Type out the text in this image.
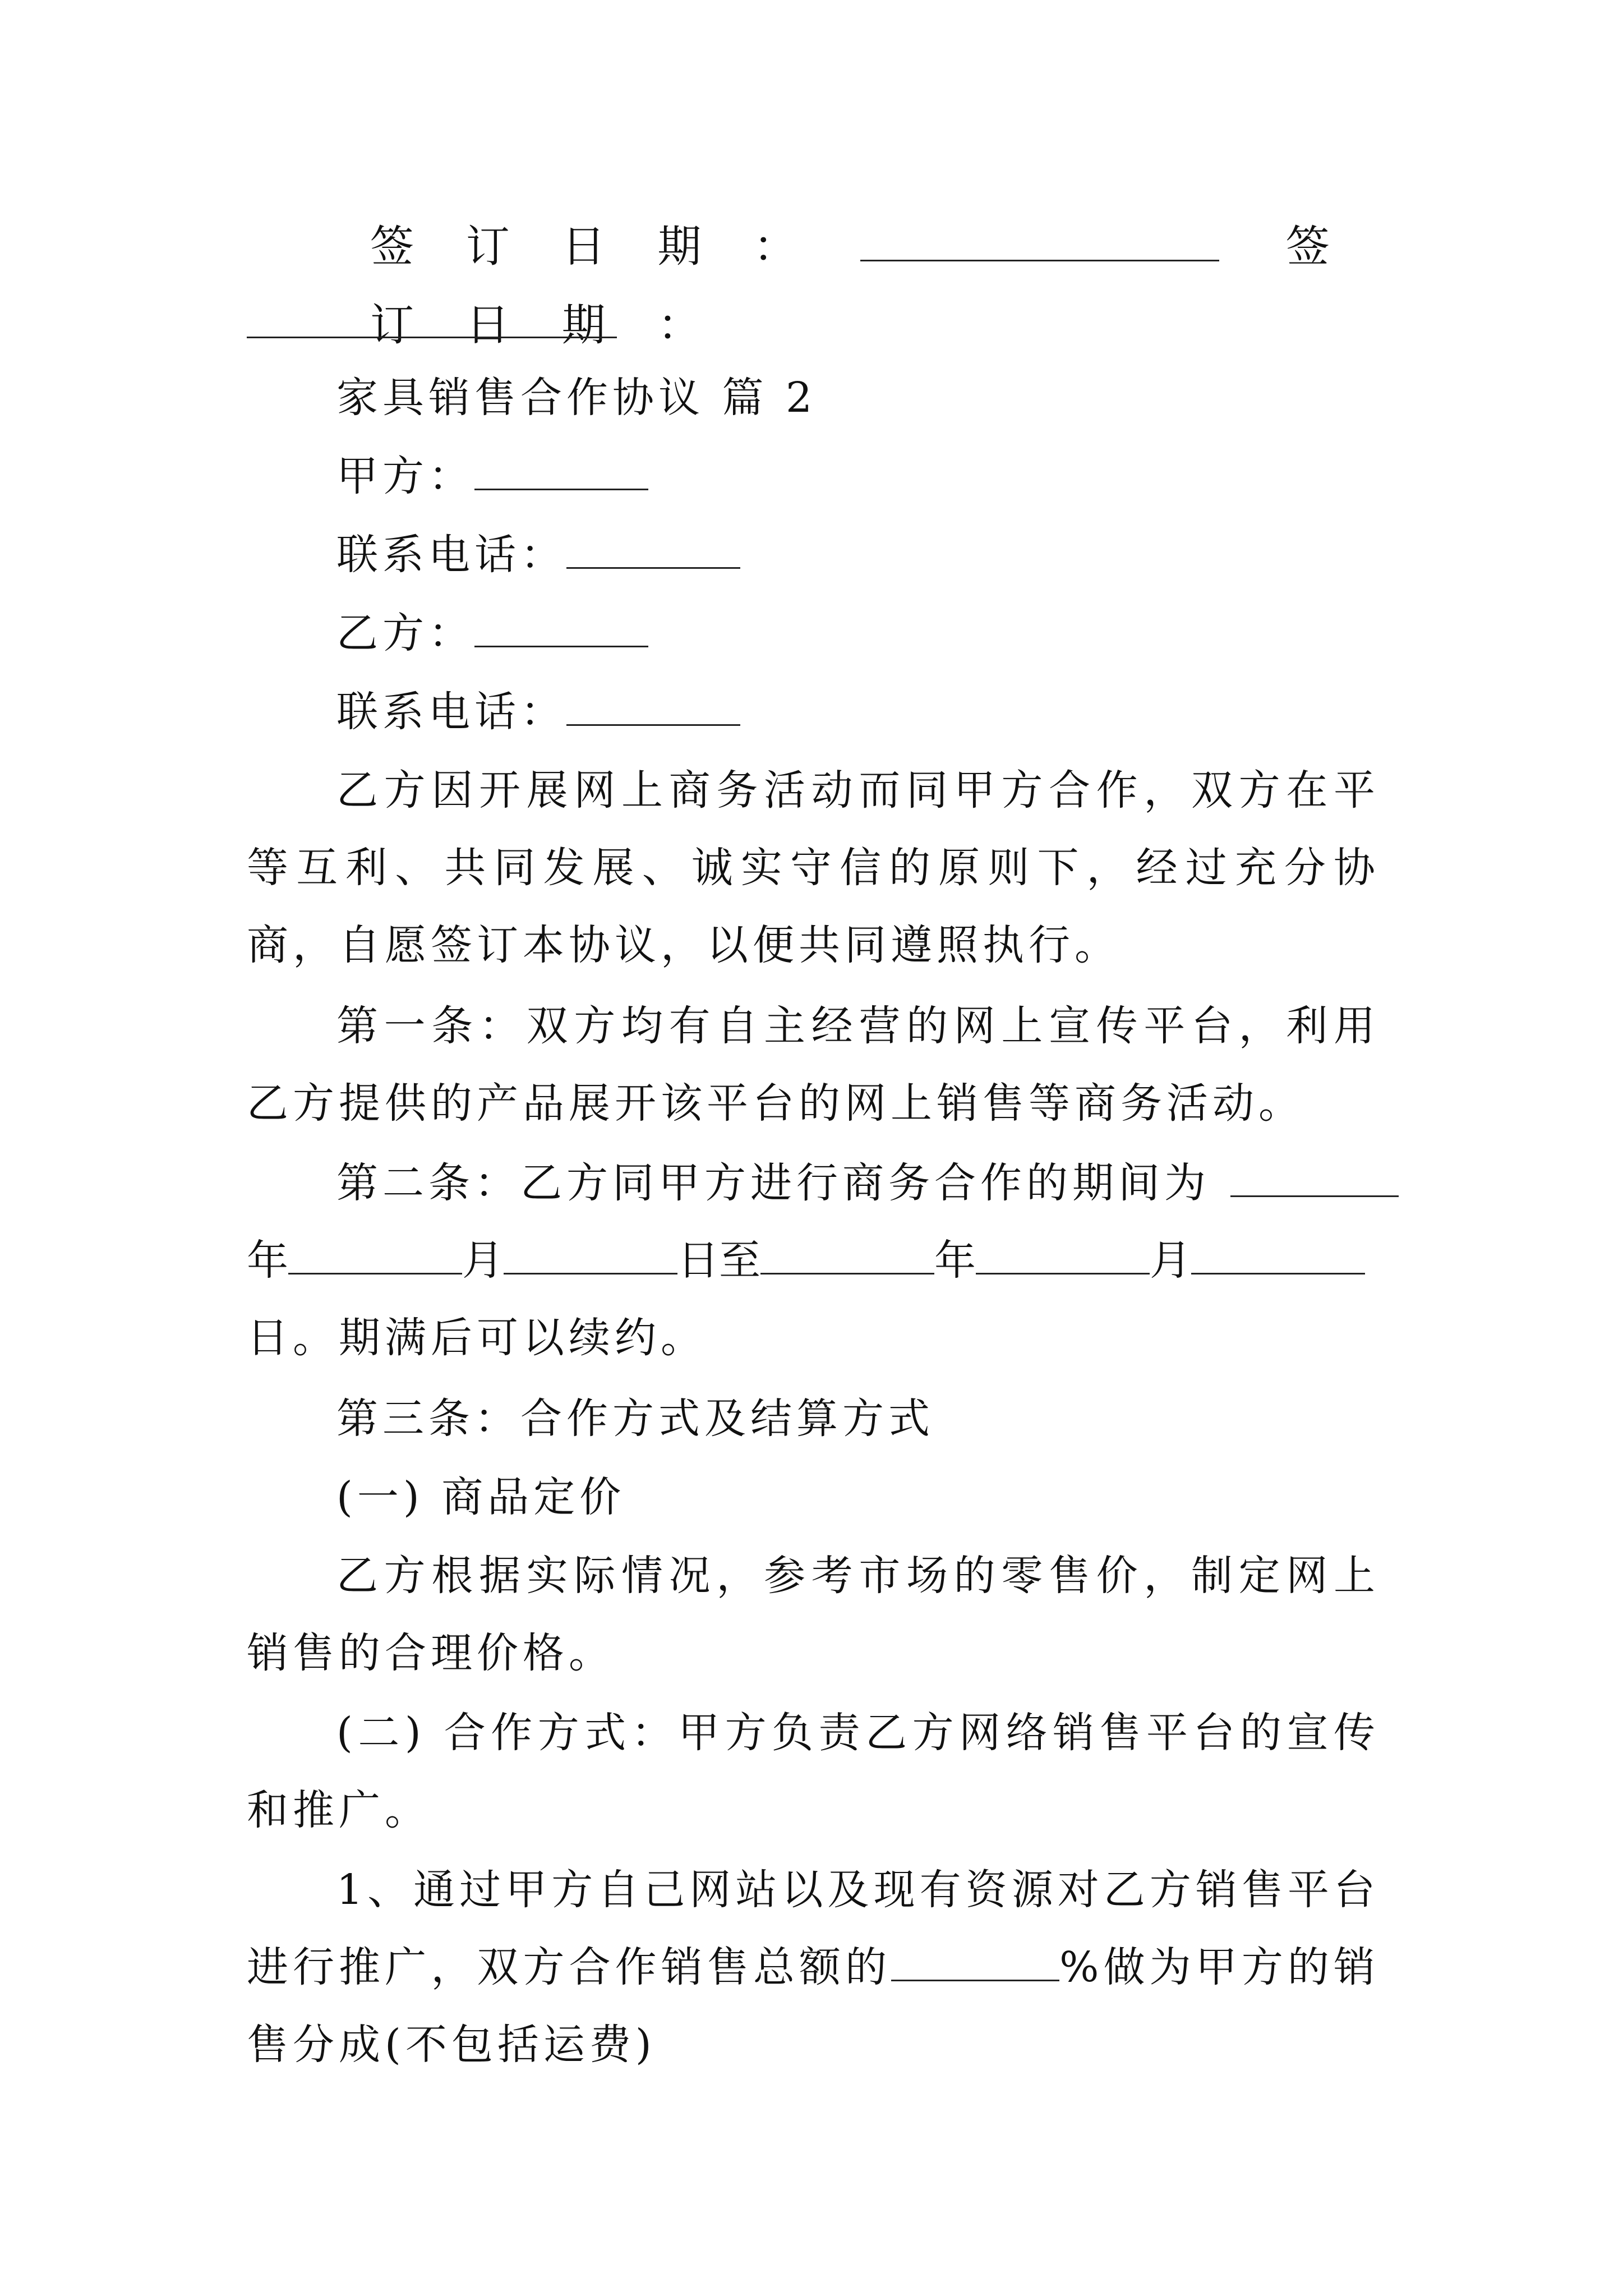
签 订 日 期 ：	签 订 日 期 ：
家具销售合作协议 篇 2
甲方：
联系电话：
乙方：
联系电话：
乙方因开展网上商务活动而同甲方合作，双方在平等互利、共同发展、诚实守信的原则下，经过充分协商，自愿签订本协议，以便共同遵照执行。
第一条：双方均有自主经营的网上宣传平台，利用乙方提供的产品展开该平台的网上销售等商务活动。
第二条：乙方同甲方进行商务合作的期间为
年	月	日至	年	月
日。期满后可以续约。
第三条：合作方式及结算方式
(一) 商品定价
乙方根据实际情况，参考市场的零售价，制定网上销售的合理价格。
(二) 合作方式：甲方负责乙方网络销售平台的宣传和推广。
1、通过甲方自己网站以及现有资源对乙方销售平台进行推广，双方合作销售总额的	%做为甲方的销售分成(不包括运费)
